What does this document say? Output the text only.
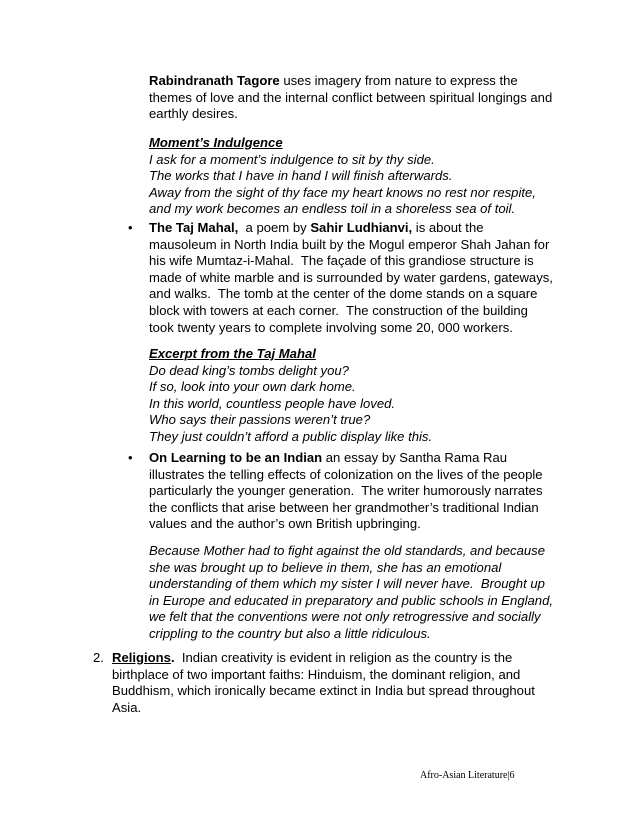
Rabindranath Tagore uses imagery from nature to express the
themes of love and the internal conflict between spiritual longings and
earthly desires.
Moment’s Indulgence
I ask for a moment’s indulgence to sit by thy side.
The works that I have in hand I will finish afterwards.
Away from the sight of thy face my heart knows no rest nor respite,
and my work becomes an endless toil in a shoreless sea of toil.
• The Taj Mahal,  a poem by Sahir Ludhianvi, is about the
mausoleum in North India built by the Mogul emperor Shah Jahan for
his wife Mumtaz-i-Mahal.  The façade of this grandiose structure is
made of white marble and is surrounded by water gardens, gateways,
and walks.  The tomb at the center of the dome stands on a square
block with towers at each corner.  The construction of the building
took twenty years to complete involving some 20, 000 workers.
Excerpt from the Taj Mahal
Do dead king’s tombs delight you?
If so, look into your own dark home.
In this world, countless people have loved.
Who says their passions weren’t true?
They just couldn’t afford a public display like this.
• On Learning to be an Indian an essay by Santha Rama Rau
illustrates the telling effects of colonization on the lives of the people
particularly the younger generation.  The writer humorously narrates
the conflicts that arise between her grandmother’s traditional Indian
values and the author’s own British upbringing.
Because Mother had to fight against the old standards, and because
she was brought up to believe in them, she has an emotional
understanding of them which my sister I will never have.  Brought up
in Europe and educated in preparatory and public schools in England,
we felt that the conventions were not only retrogressive and socially
crippling to the country but also a little ridiculous.
2. Religions.  Indian creativity is evident in religion as the country is the
birthplace of two important faiths: Hinduism, the dominant religion, and
Buddhism, which ironically became extinct in India but spread throughout
Asia.
Afro-Asian Literature|6
